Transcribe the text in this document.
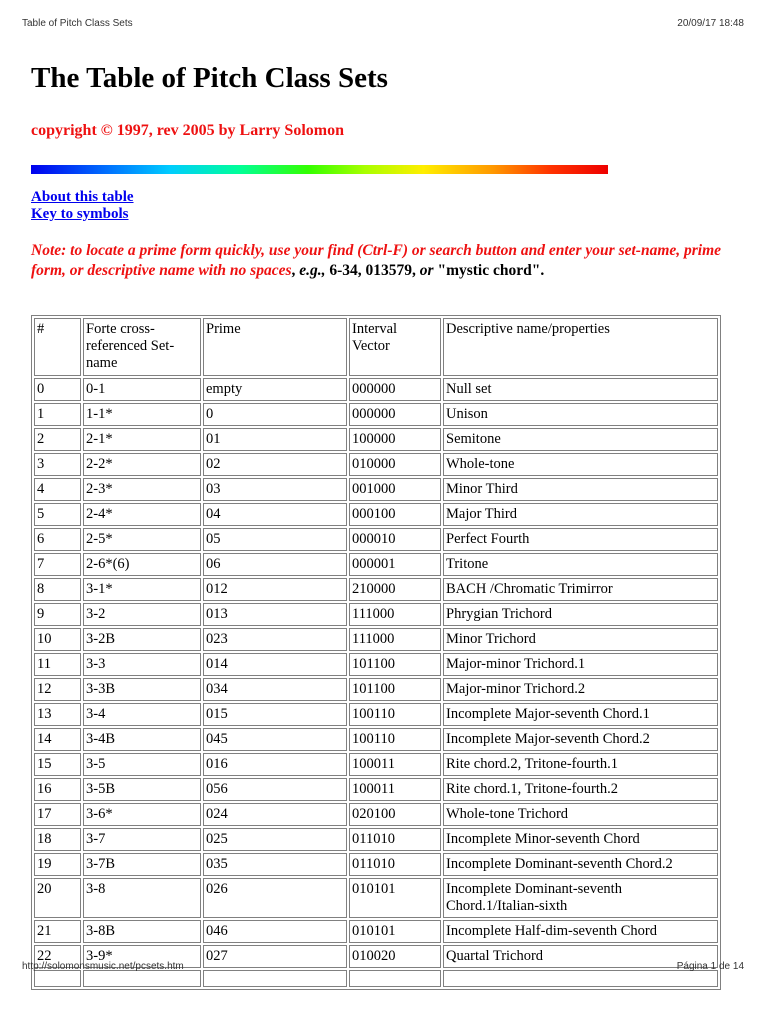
Table of Pitch Class Sets	20/09/17 18:48
The Table of Pitch Class Sets
copyright © 1997, rev 2005 by Larry Solomon
About this table
Key to symbols
Note: to locate a prime form quickly, use your find (Ctrl-F) or search button and enter your set-name, prime form, or descriptive name with no spaces, e.g., 6-34, 013579, or "mystic chord".
#	Forte cross-referenced Set-name	Prime	Interval Vector	Descriptive name/properties
0	0-1	empty	000000	Null set
1	1-1*	0	000000	Unison
2	2-1*	01	100000	Semitone
3	2-2*	02	010000	Whole-tone
4	2-3*	03	001000	Minor Third
5	2-4*	04	000100	Major Third
6	2-5*	05	000010	Perfect Fourth
7	2-6*(6)	06	000001	Tritone
8	3-1*	012	210000	BACH /Chromatic Trimirror
9	3-2	013	111000	Phrygian Trichord
10	3-2B	023	111000	Minor Trichord
11	3-3	014	101100	Major-minor Trichord.1
12	3-3B	034	101100	Major-minor Trichord.2
13	3-4	015	100110	Incomplete Major-seventh Chord.1
14	3-4B	045	100110	Incomplete Major-seventh Chord.2
15	3-5	016	100011	Rite chord.2, Tritone-fourth.1
16	3-5B	056	100011	Rite chord.1, Tritone-fourth.2
17	3-6*	024	020100	Whole-tone Trichord
18	3-7	025	011010	Incomplete Minor-seventh Chord
19	3-7B	035	011010	Incomplete Dominant-seventh Chord.2
20	3-8	026	010101	Incomplete Dominant-seventh Chord.1/Italian-sixth
21	3-8B	046	010101	Incomplete Half-dim-seventh Chord
22	3-9*	027	010020	Quartal Trichord

http://solomonsmusic.net/pcsets.htm	Página 1 de 14
